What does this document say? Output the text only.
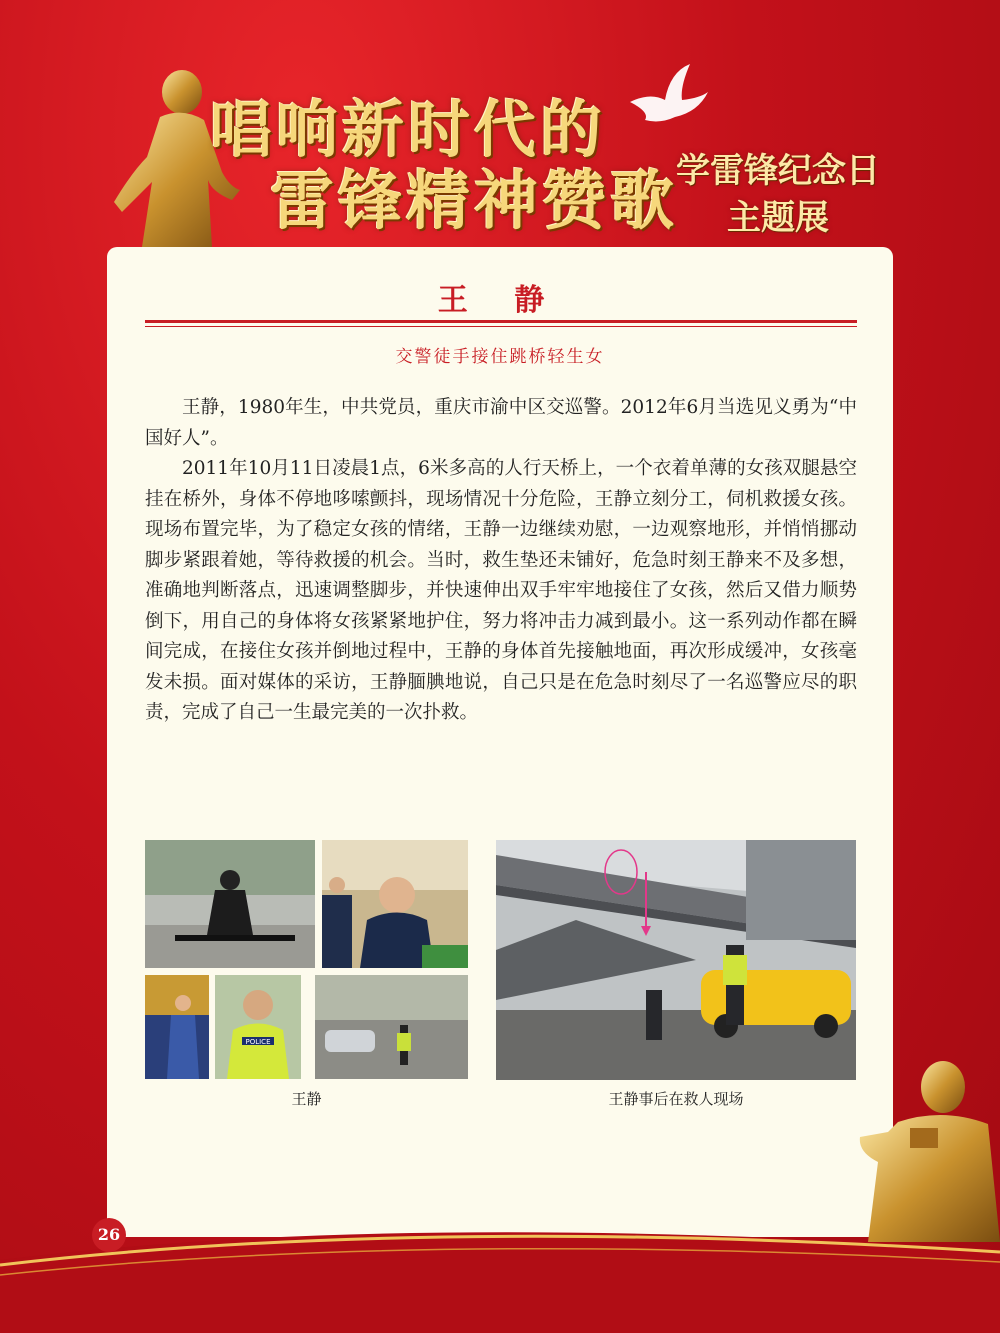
唱响新时代的
雷锋精神赞歌
学雷锋纪念日
主题展
王 静
交警徒手接住跳桥轻生女

王静，1980年生，中共党员，重庆市渝中区交巡警。2012年6月当选见义勇为“中国好人”。

2011年10月11日凌晨1点，6米多高的人行天桥上，一个衣着单薄的女孩双腿悬空挂在桥外，身体不停地哆嗦颤抖，现场情况十分危险，王静立刻分工，伺机救援女孩。现场布置完毕，为了稳定女孩的情绪，王静一边继续劝慰，一边观察地形，并悄悄挪动脚步紧跟着她，等待救援的机会。当时，救生垫还未铺好，危急时刻王静来不及多想，准确地判断落点，迅速调整脚步，并快速伸出双手牢牢地接住了女孩，然后又借力顺势倒下，用自己的身体将女孩紧紧地护住，努力将冲击力减到最小。这一系列动作都在瞬间完成，在接住女孩并倒地过程中，王静的身体首先接触地面，再次形成缓冲，女孩毫发未损。面对媒体的采访，王静腼腆地说，自己只是在危急时刻尽了一名巡警应尽的职责，完成了自己一生最完美的一次扑救。

POLICE
王静	王静事后在救人现场
26
